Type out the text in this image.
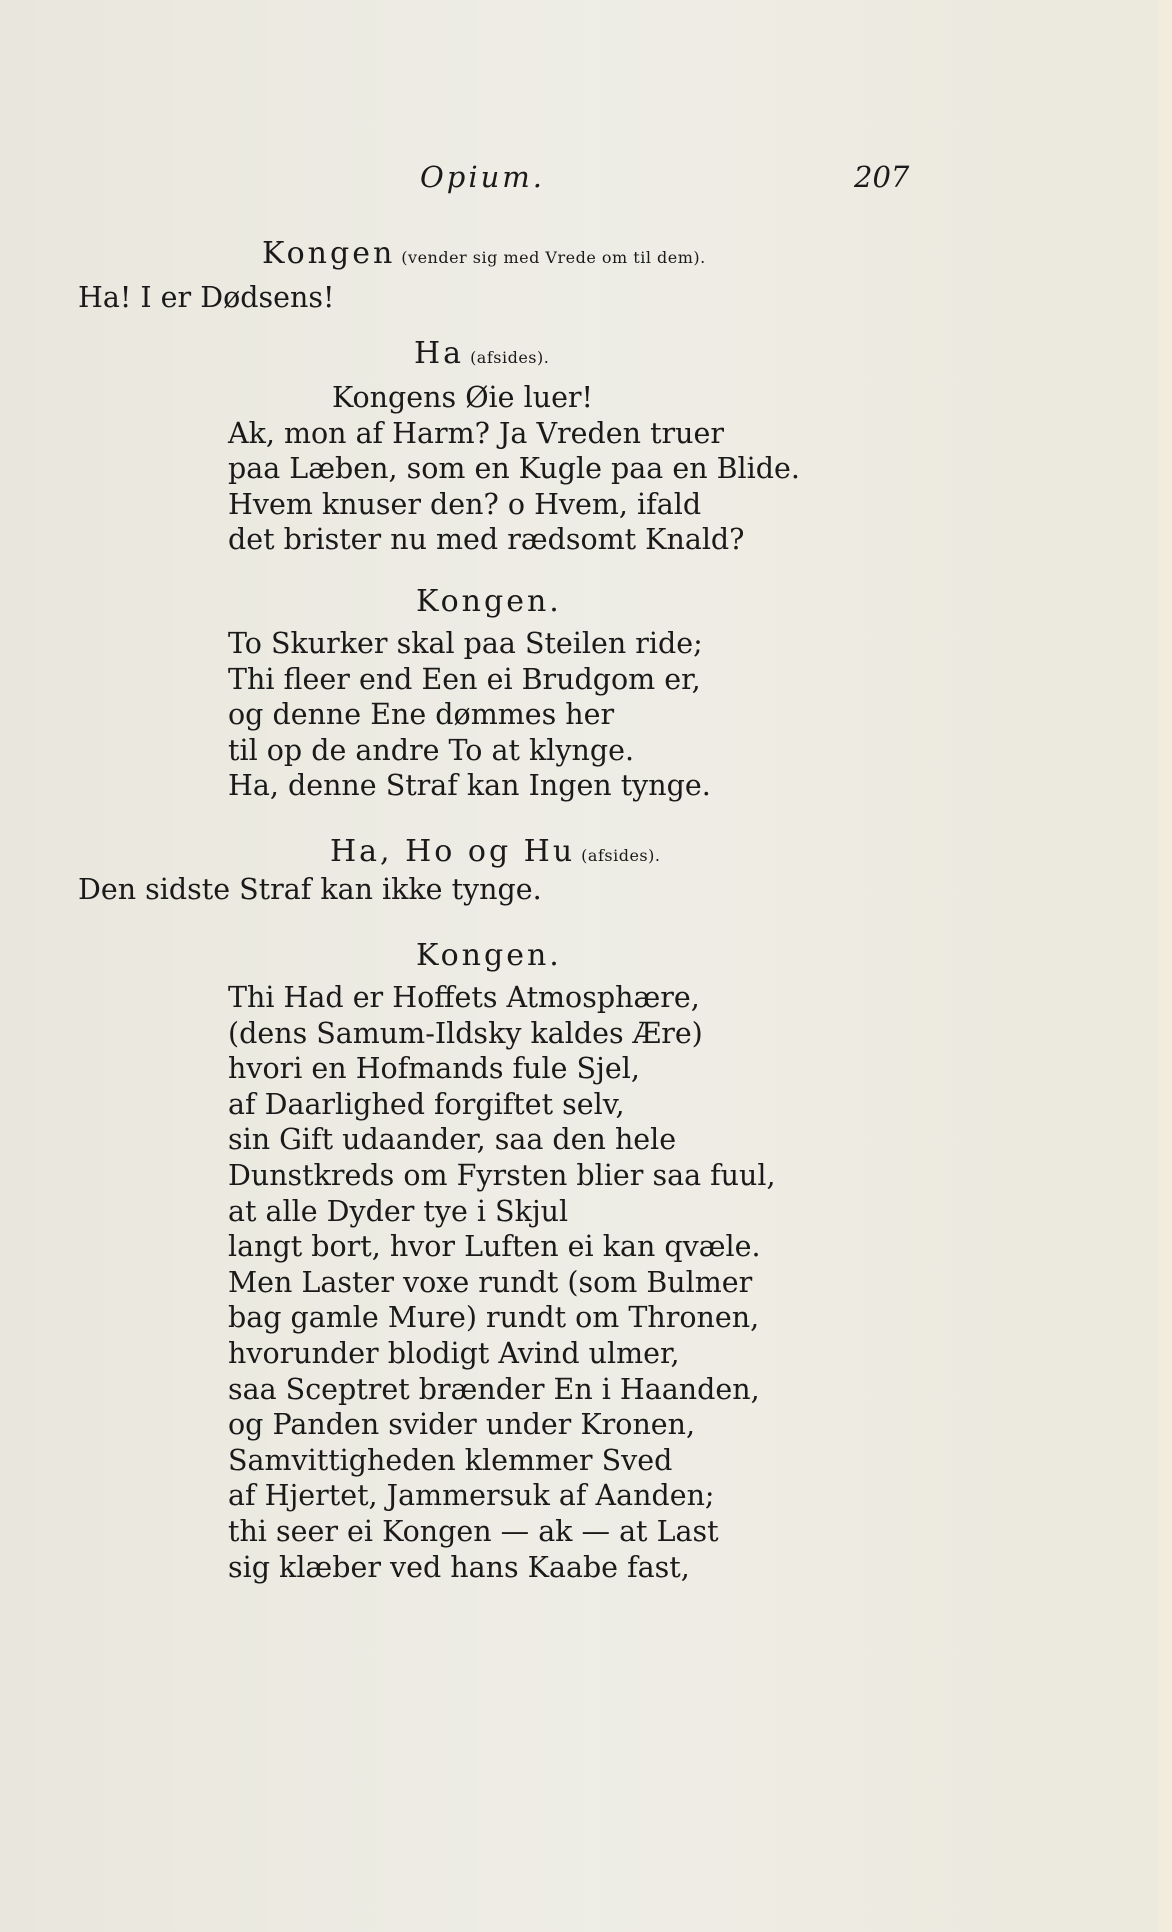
Opium.	207
Kongen (vender sig med Vrede om til dem).
Ha! I er Dødsens!
Ha (afsides).
Kongens Øie luer!
Ak, mon af Harm? Ja Vreden truer
paa Læben, som en Kugle paa en Blide.
Hvem knuser den? o Hvem, ifald
det brister nu med rædsomt Knald?
Kongen.
To Skurker skal paa Steilen ride;
Thi fleer end Een ei Brudgom er,
og denne Ene dømmes her
til op de andre To at klynge.
Ha, denne Straf kan Ingen tynge.
Ha, Ho og Hu (afsides).
Den sidste Straf kan ikke tynge.
Kongen.
Thi Had er Hoffets Atmosphære,
(dens Samum-Ildsky kaldes Ære)
hvori en Hofmands fule Sjel,
af Daarlighed forgiftet selv,
sin Gift udaander, saa den hele
Dunstkreds om Fyrsten blier saa fuul,
at alle Dyder tye i Skjul
langt bort, hvor Luften ei kan qvæle.
Men Laster voxe rundt (som Bulmer
bag gamle Mure) rundt om Thronen,
hvorunder blodigt Avind ulmer,
saa Sceptret brænder En i Haanden,
og Panden svider under Kronen,
Samvittigheden klemmer Sved
af Hjertet, Jammersuk af Aanden;
thi seer ei Kongen — ak — at Last
sig klæber ved hans Kaabe fast,
